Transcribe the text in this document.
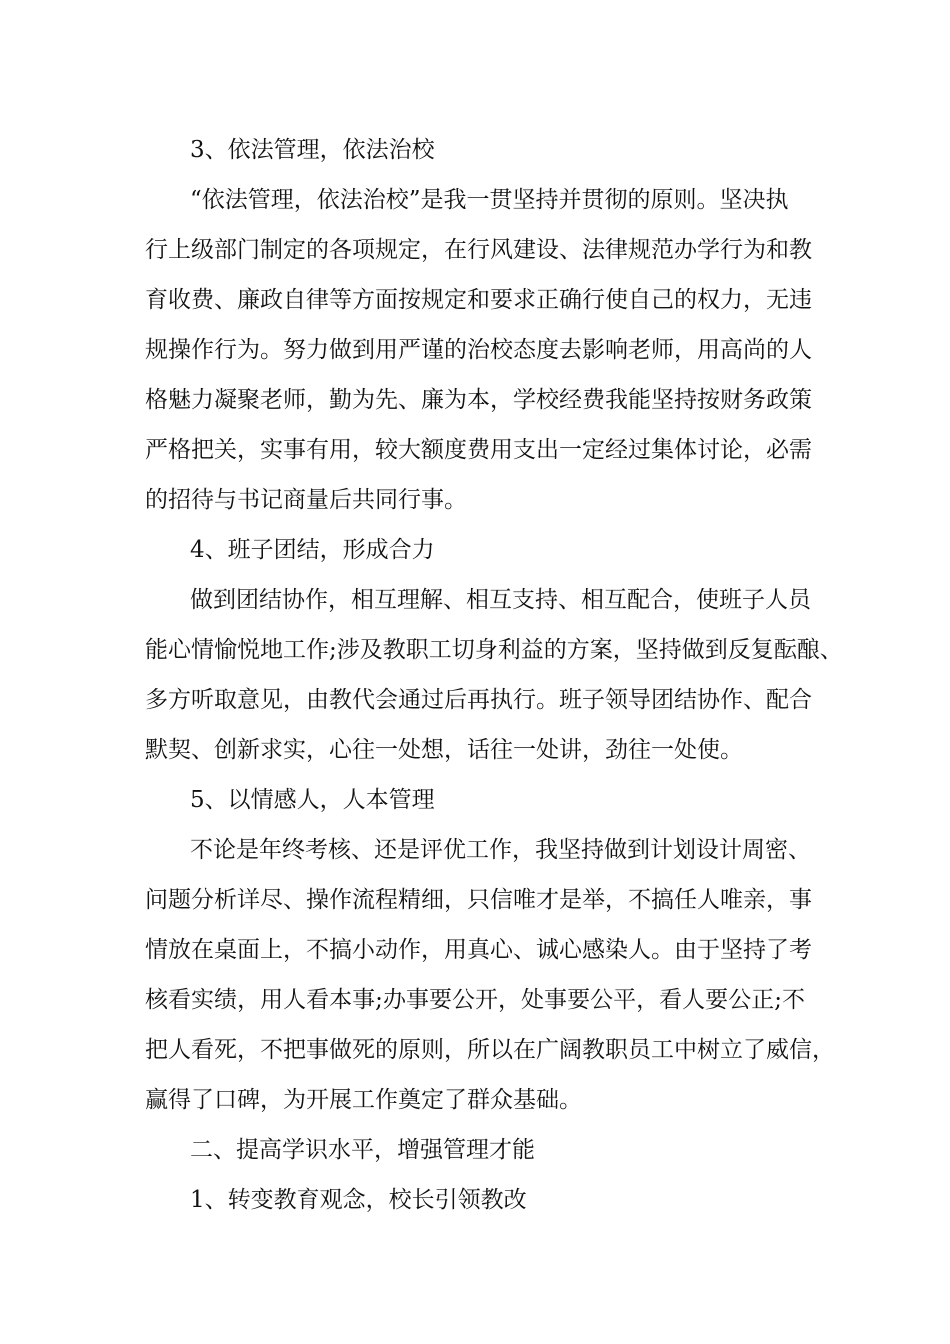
3、依法管理，依法治校

“依法管理，依法治校”是我一贯坚持并贯彻的原则。坚决执

行上级部门制定的各项规定，在行风建设、法律规范办学行为和教

育收费、廉政自律等方面按规定和要求正确行使自己的权力，无违

规操作行为。努力做到用严谨的治校态度去影响老师，用高尚的人

格魅力凝聚老师，勤为先、廉为本，学校经费我能坚持按财务政策

严格把关，实事有用，较大额度费用支出一定经过集体讨论，必需

的招待与书记商量后共同行事。

4、班子团结，形成合力

做到团结协作，相互理解、相互支持、相互配合，使班子人员

能心情愉悦地工作;涉及教职工切身利益的方案，坚持做到反复酝酿、

多方听取意见，由教代会通过后再执行。班子领导团结协作、配合

默契、创新求实，心往一处想，话往一处讲，劲往一处使。

5、以情感人，人本管理

不论是年终考核、还是评优工作，我坚持做到计划设计周密、

问题分析详尽、操作流程精细，只信唯才是举，不搞任人唯亲，事

情放在桌面上，不搞小动作，用真心、诚心感染人。由于坚持了考

核看实绩，用人看本事;办事要公开，处事要公平，看人要公正;不

把人看死，不把事做死的原则，所以在广阔教职员工中树立了威信，

赢得了口碑，为开展工作奠定了群众基础。

二、提高学识水平，增强管理才能

1、转变教育观念，校长引领教改
